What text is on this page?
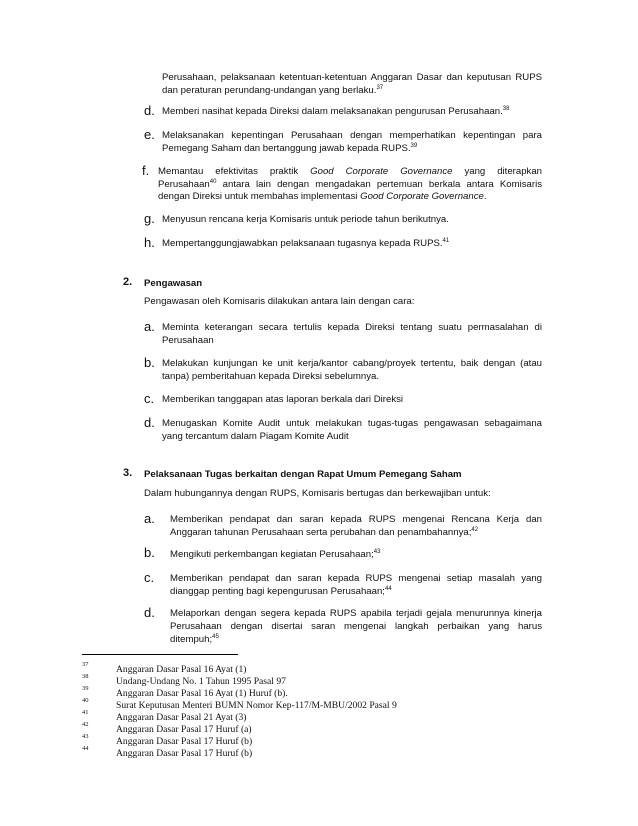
Perusahaan, pelaksanaan ketentuan-ketentuan Anggaran Dasar dan keputusan RUPS
dan peraturan perundang-undangan yang berlaku.$^{37}$
d. Memberi nasihat kepada Direksi dalam melaksanakan pengurusan Perusahaan.$^{38}$
e. Melaksanakan kepentingan Perusahaan dengan memperhatikan kepentingan para
Pemegang Saham dan bertanggung jawab kepada RUPS.$^{39}$
f. Memantau efektivitas praktik Good Corporate Governance yang diterapkan
Perusahaan$^{40}$ antara lain dengan mengadakan pertemuan berkala antara Komisaris
dengan Direksi untuk membahas implementasi Good Corporate Governance.
g. Menyusun rencana kerja Komisaris untuk periode tahun berikutnya.
h. Mempertanggungjawabkan pelaksanaan tugasnya kepada RUPS.$^{41}$
2. Pengawasan
Pengawasan oleh Komisaris dilakukan antara lain dengan cara:
a. Meminta keterangan secara tertulis kepada Direksi tentang suatu permasalahan di
Perusahaan
b. Melakukan kunjungan ke unit kerja/kantor cabang/proyek tertentu, baik dengan (atau
tanpa) pemberitahuan kepada Direksi sebelumnya.
c. Memberikan tanggapan atas laporan berkala dari Direksi
d. Menugaskan Komite Audit untuk melakukan tugas-tugas pengawasan sebagaimana
yang tercantum dalam Piagam Komite Audit
3. Pelaksanaan Tugas berkaitan dengan Rapat Umum Pemegang Saham
Dalam hubungannya dengan RUPS, Komisaris bertugas dan berkewajiban untuk:
a. Memberikan pendapat dan saran kepada RUPS mengenai Rencana Kerja dan
Anggaran tahunan Perusahaan serta perubahan dan penambahannya;$^{42}$
b. Mengikuti perkembangan kegiatan Perusahaan;$^{43}$
c. Memberikan pendapat dan saran kepada RUPS mengenai setiap masalah yang
dianggap penting bagi kepengurusan Perusahaan;$^{44}$
d. Melaporkan dengan segera kepada RUPS apabila terjadi gejala menurunnya kinerja
Perusahaan dengan disertai saran mengenai langkah perbaikan yang harus
ditempuh;$^{45}$
37	Anggaran Dasar Pasal 16 Ayat (1)
38	Undang-Undang No. 1 Tahun 1995 Pasal 97
39	Anggaran Dasar Pasal 16 Ayat (1) Huruf (b).
40	Surat Keputusan Menteri BUMN Nomor Kep-117/M-MBU/2002 Pasal 9
41	Anggaran Dasar Pasal 21 Ayat (3)
42	Anggaran Dasar Pasal 17 Huruf (a)
43	Anggaran Dasar Pasal 17 Huruf (b)
44	Anggaran Dasar Pasal 17 Huruf (b)
